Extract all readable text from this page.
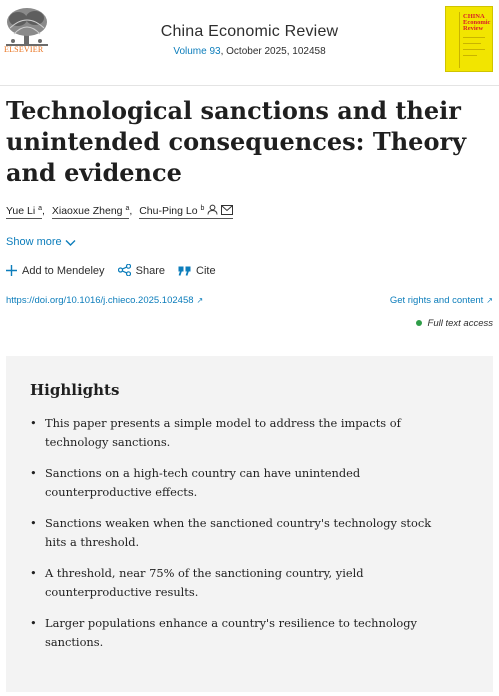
ELSEVIER
China Economic Review
Volume 93, October 2025, 102458
CHINA
Economic
Review
Technological sanctions and their unintended consequences: Theory and evidence
Yue Li $^a$, Xiaoxue Zheng $^a$, Chu-Ping Lo $^b$
Show more
Add to Mendeley	Share	Cite
https://doi.org/10.1016/j.chieco.2025.102458 ↗	Get rights and content ↗
Full text access
Highlights
• This paper presents a simple model to address the impacts of technology sanctions.
• Sanctions on a high-tech country can have unintended counterproductive effects.
• Sanctions weaken when the sanctioned country's technology stock hits a threshold.
• A threshold, near 75% of the sanctioning country, yield counterproductive results.
• Larger populations enhance a country's resilience to technology sanctions.
